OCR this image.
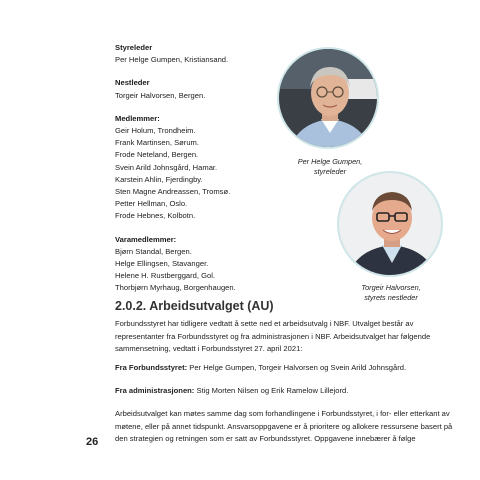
Styreleder
Per Helge Gumpen, Kristiansand.
Nestleder
Torgeir Halvorsen, Bergen.
Medlemmer:
Geir Holum, Trondheim.
Frank Martinsen, Sørum.
Frode Neteland, Bergen.
Svein Arild Johnsgård, Hamar.
Karstein Ahlin, Fjerdingby.
Sten Magne Andreassen, Tromsø.
Petter Hellman, Oslo.
Frode Hebnes, Kolbotn.
Varamedlemmer:
Bjørn Standal, Bergen.
Helge Ellingsen, Stavanger.
Helene H. Rustberggard, Gol.
Thorbjørn Myrhaug, Borgenhaugen.
Per Helge Gumpen,
styreleder
Torgeir Halvorsen,
styrets nestleder
2.0.2. Arbeidsutvalget (AU)
Forbundsstyret har tidligere vedtatt å sette ned et arbeidsutvalg i NBF. Utvalget består av representanter fra Forbundsstyret og fra administrasjonen i NBF. Arbeidsutvalget har følgende sammensetning, vedtatt i Forbundsstyret 27. april 2021:
Fra Forbundsstyret: Per Helge Gumpen, Torgeir Halvorsen og Svein Arild Johnsgård.
Fra administrasjonen: Stig Morten Nilsen og Erik Ramelow Lillejord.
Arbeidsutvalget kan møtes samme dag som forhandlingene i Forbundsstyret, i for- eller etterkant av møtene, eller på annet tidspunkt. Ansvarsoppgavene er å prioritere og allokere ressursene basert på den strategien og retningen som er satt av Forbundsstyret. Oppgavene innebærer å følge
26
